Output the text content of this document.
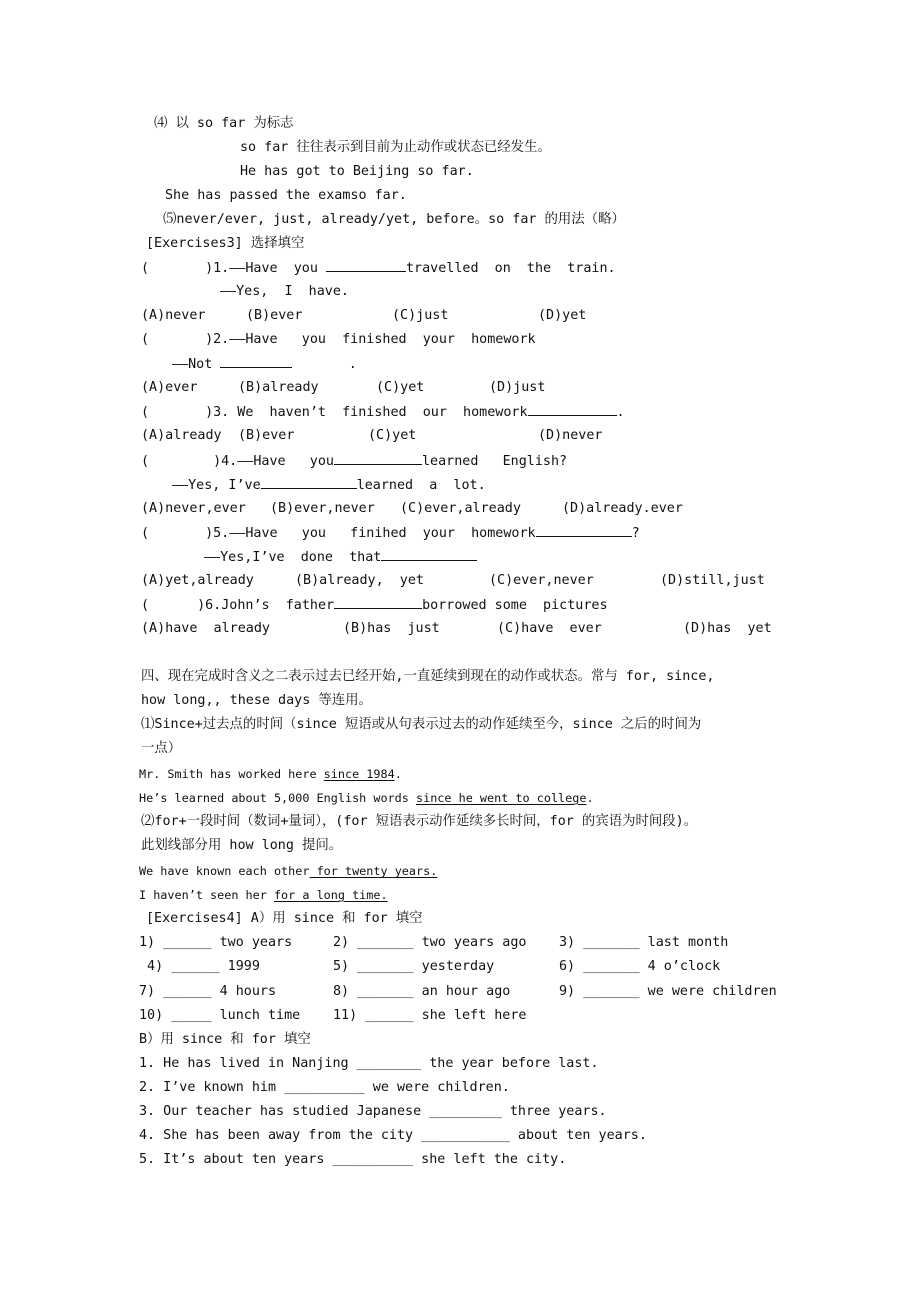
⑷ 以 so far 为标志
so far 往往表示到目前为止动作或状态已经发生。
He has got to Beijing so far.
She has passed the examso far.
⑸never/ever, just, already/yet, before。so far 的用法（略）
[Exercises3] 选择填空
(	)1.——Have  you	travelled  on  the  train.
——Yes,  I  have.
(A)never	(B)ever	(C)just	(D)yet
(	)2.——Have   you  finished  your  homework
——Not	.
(A)ever	(B)already	(C)yet	(D)just
(	)3. We  haven’t  finished  our  homework	.
(A)already (B)ever	(C)yet	(D)never
(	)4.——Have   you	learned   English?
——Yes, I’ve	learned  a  lot.
(A)never,ever (B)ever,never (C)ever,already	(D)already.ever
(	)5.——Have   you   finihed  your  homework	?
——Yes,I’ve  done  that
(A)yet,already	(B)already,  yet	(C)ever,never	(D)still,just
(	)6.John’s  father	borrowed some  pictures
(A)have  already	(B)has  just	(C)have  ever	(D)has  yet
四、现在完成时含义之二表示过去已经开始,一直延续到现在的动作或状态。常与 for, since,
how long,, these days 等连用。
⑴Since+过去点的时间（since 短语或从句表示过去的动作延续至今，since 之后的时间为
一点）
Mr. Smith has worked here since 1984.
He’s learned about 5,000 English words since he went to college.
⑵for+一段时间（数词+量词），(for 短语表示动作延续多长时间，for 的宾语为时间段)。
此划线部分用 how long 提问。
We have known each other for twenty years.
I haven’t seen her for a long time.
[Exercises4] A）用 since 和 for 填空
1) ______ two years	2) _______ two years ago 3) _______ last month
4) ______ 1999	5) _______ yesterday	6) _______ 4 o’clock
7) ______ 4 hours	8) _______ an hour ago	9) _______ we were children
10) _____ lunch time 11) ______ she left here
B）用 since 和 for 填空
1. He has lived in Nanjing ________ the year before last.
2. I’ve known him __________ we were children.
3. Our teacher has studied Japanese _________ three years.
4. She has been away from the city ___________ about ten years.
5. It’s about ten years __________ she left the city.
